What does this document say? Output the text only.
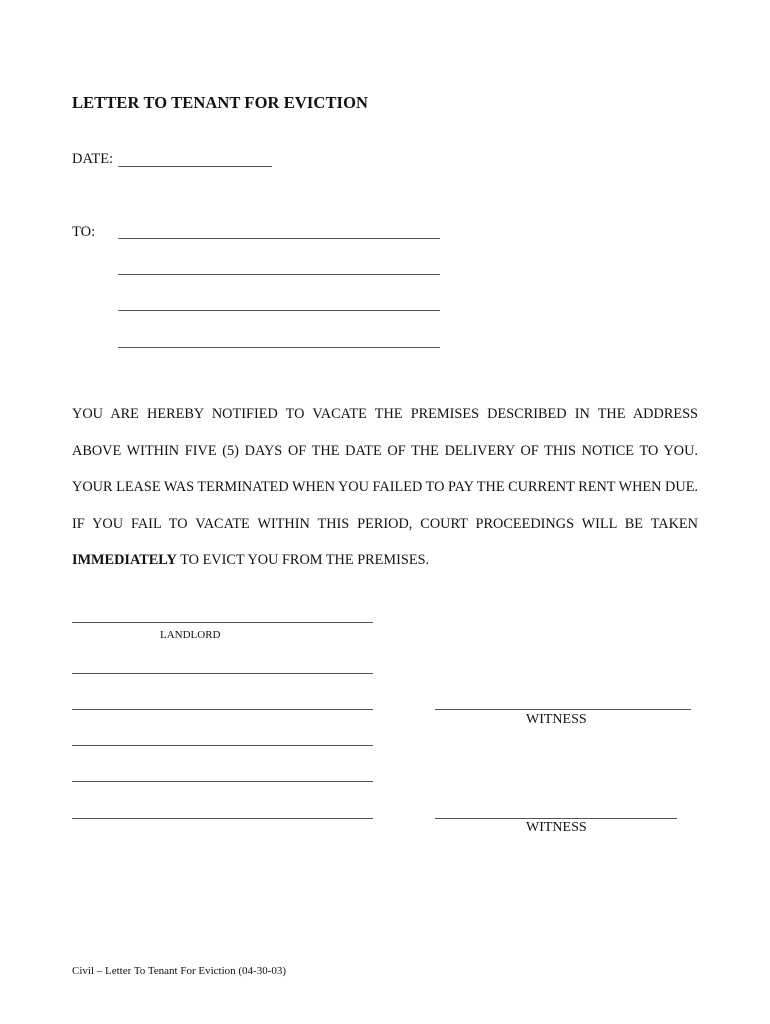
LETTER TO TENANT FOR EVICTION
DATE:
TO:
YOU ARE HEREBY NOTIFIED TO VACATE THE PREMISES DESCRIBED IN THE ADDRESS ABOVE WITHIN FIVE (5) DAYS OF THE DATE OF THE DELIVERY OF THIS NOTICE TO YOU. YOUR LEASE WAS TERMINATED WHEN YOU FAILED TO PAY THE CURRENT RENT WHEN DUE. IF YOU FAIL TO VACATE WITHIN THIS PERIOD, COURT PROCEEDINGS WILL BE TAKEN IMMEDIATELY TO EVICT YOU FROM THE PREMISES.
LANDLORD
WITNESS
WITNESS
Civil – Letter To Tenant For Eviction (04-30-03)
